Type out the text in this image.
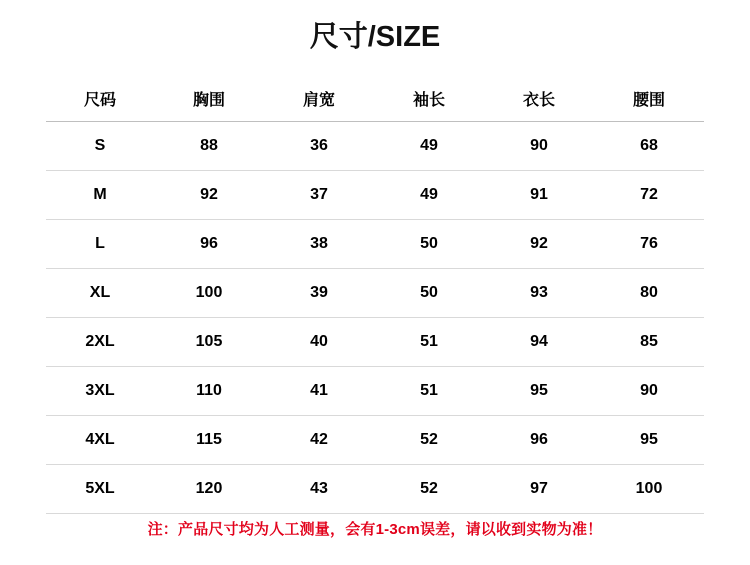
尺寸/SIZE
尺码	胸围	肩宽	袖长	衣长	腰围
S	88	36	49	90	68
M	92	37	49	91	72
L	96	38	50	92	76
XL	100	39	50	93	80
2XL	105	40	51	94	85
3XL	110	41	51	95	90
4XL	115	42	52	96	95
5XL	120	43	52	97	100
注：产品尺寸均为人工测量，会有1-3cm误差，请以收到实物为准！
